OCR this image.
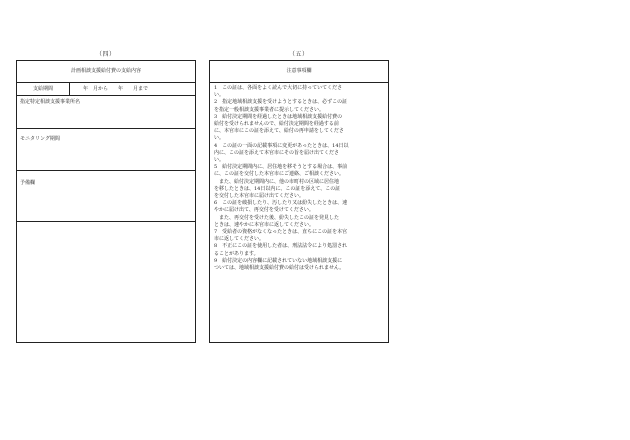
（四）	（五）
計画相談支援給付費の支給内容
支給期間	年　月から　　年　　月まで
指定特定相談支援事業所名
モニタリング期間
予備欄
注意事項欄
1　この証は、各面をよく読んで大切に持っていてくださ
い。
2　指定地域相談支援を受けようとするときは、必ずこの証
を指定一般相談支援事業者に提示してください。
3　給付決定期間を経過したときは地域相談支援給付費の
給付を受けられませんので、給付決定期間を経過する前
に、本官市にこの証を添えて、給付の再申請をしてくださ
い。
4　この証の一面の記載事項に変更があったときは、14日以
内に、この証を添えて本官市にその旨を届け出てくださ
い。
5　給付決定期間内に、居住地を移そうとする場合は、事前
に、この証を交付した本官市にご連絡、ご相談ください。
　また、給付決定期間内に、他の市町村の区域に居住地
を移したときは、14日以内に、この証を添えて、この証
を交付した本官市に届け出てください。
6　この証を破損したり、汚したり又は紛失したときは、速
やかに届け出て、再交付を受けてください。
　また、再交付を受けた後、紛失したこの証を発見した
ときは、速やかに本官市に返してください。
7　受給者の資格がなくなったときは、直ちにこの証を本官
市に返してください。
8　不正にこの証を使用した者は、刑法法令により処罰され
ることがあります。
9　給付決定の内容欄に記載されていない地域相談支援に
ついては、地域相談支援給付費の給付は受けられません。
